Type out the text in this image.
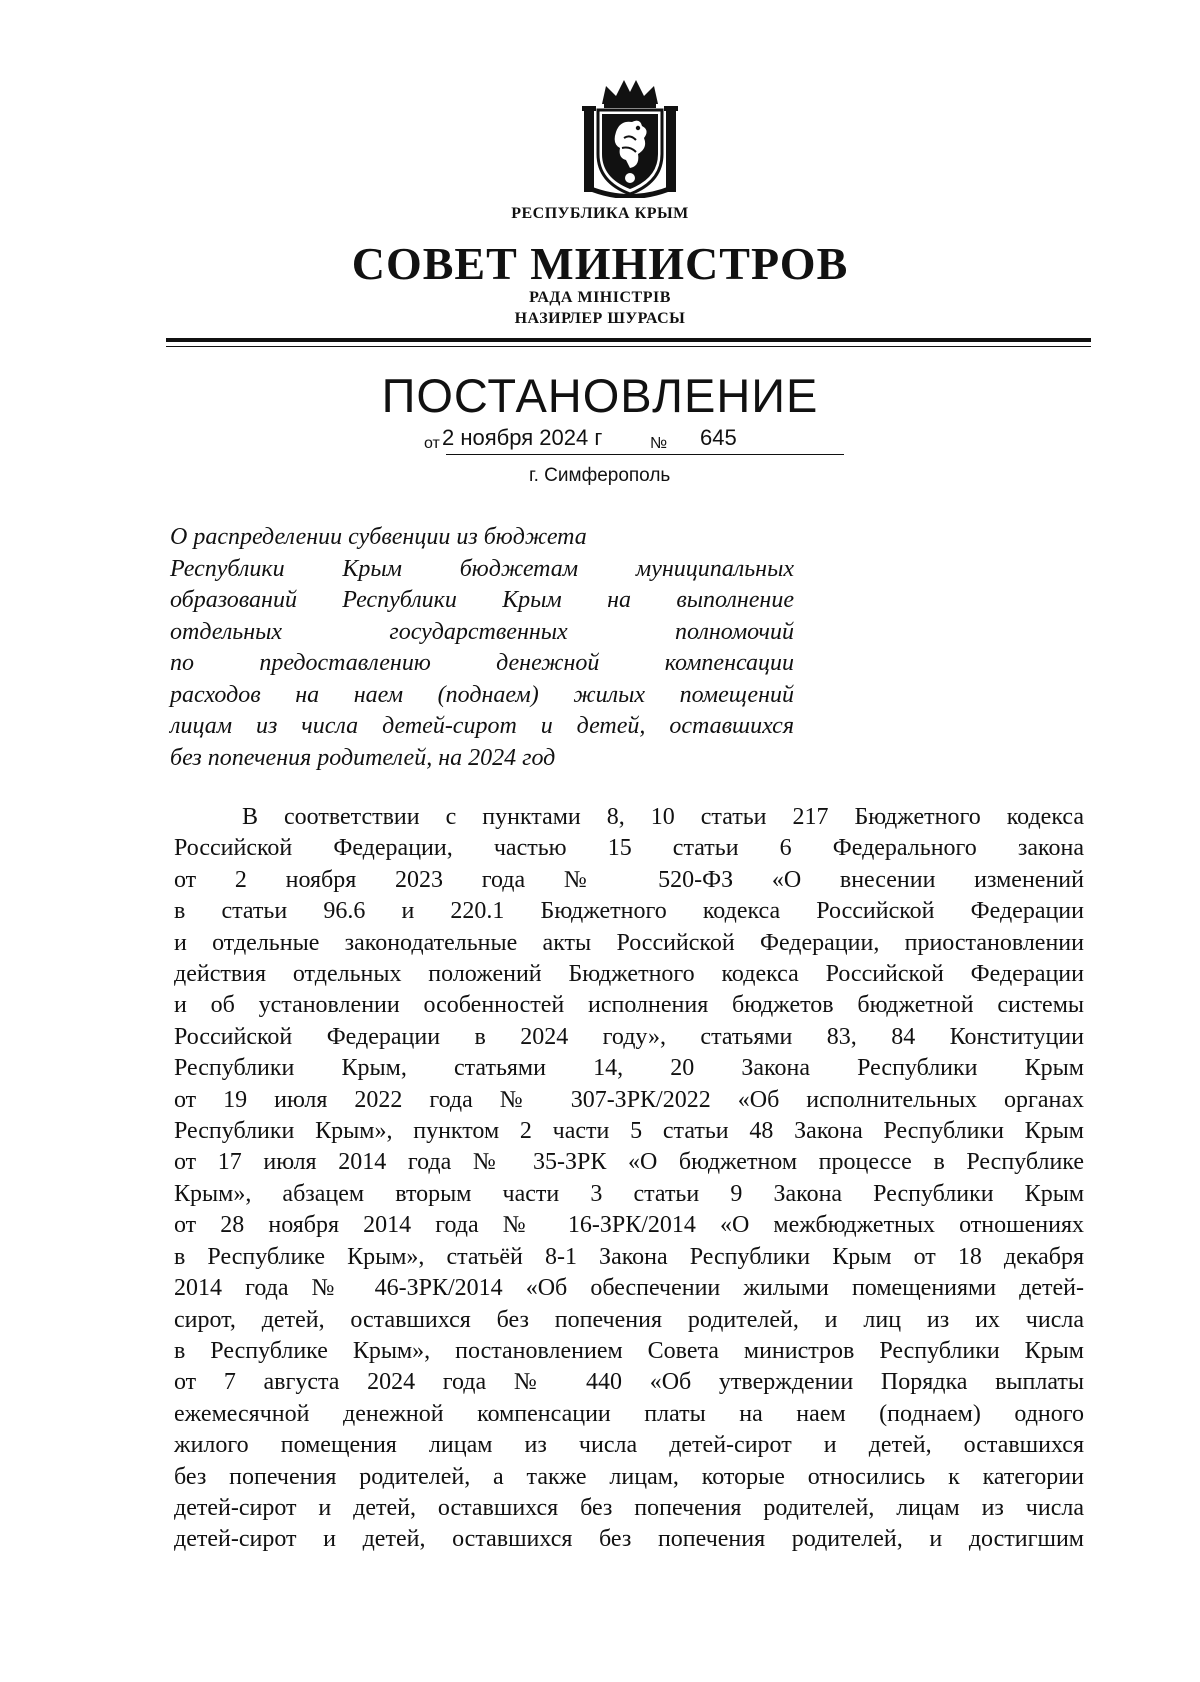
РЕСПУБЛИКА КРЫМ
СОВЕТ МИНИСТРОВ
РАДА МІНІСТРІВ
НАЗИРЛЕР ШУРАСЫ
ПОСТАНОВЛЕНИЕ
от 2 ноября 2024 г	№ 645
г. Симферополь
О распределении субвенции из бюджета
Республики Крым бюджетам муниципальных
образований Республики Крым на выполнение
отдельных государственных полномочий
по предоставлению денежной компенсации
расходов на наем (поднаем) жилых помещений
лицам из числа детей-сирот и детей, оставшихся
без попечения родителей, на 2024 год
В соответствии с пунктами 8, 10 статьи 217 Бюджетного кодекса
Российской Федерации, частью 15 статьи 6 Федерального закона
от 2 ноября 2023 года № 520-ФЗ «О внесении изменений
в статьи 96.6 и 220.1 Бюджетного кодекса Российской Федерации
и отдельные законодательные акты Российской Федерации, приостановлении
действия отдельных положений Бюджетного кодекса Российской Федерации
и об установлении особенностей исполнения бюджетов бюджетной системы
Российской Федерации в 2024 году», статьями 83, 84 Конституции
Республики Крым, статьями 14, 20 Закона Республики Крым
от 19 июля 2022 года № 307-ЗРК/2022 «Об исполнительных органах
Республики Крым», пунктом 2 части 5 статьи 48 Закона Республики Крым
от 17 июля 2014 года № 35-ЗРК «О бюджетном процессе в Республике
Крым», абзацем вторым части 3 статьи 9 Закона Республики Крым
от 28 ноября 2014 года № 16-ЗРК/2014 «О межбюджетных отношениях
в Республике Крым», статьёй 8-1 Закона Республики Крым от 18 декабря
2014 года № 46-ЗРК/2014 «Об обеспечении жилыми помещениями детей-
сирот, детей, оставшихся без попечения родителей, и лиц из их числа
в Республике Крым», постановлением Совета министров Республики Крым
от 7 августа 2024 года № 440 «Об утверждении Порядка выплаты
ежемесячной денежной компенсации платы на наем (поднаем) одного
жилого помещения лицам из числа детей-сирот и детей, оставшихся
без попечения родителей, а также лицам, которые относились к категории
детей-сирот и детей, оставшихся без попечения родителей, лицам из числа
детей-сирот и детей, оставшихся без попечения родителей, и достигшим
